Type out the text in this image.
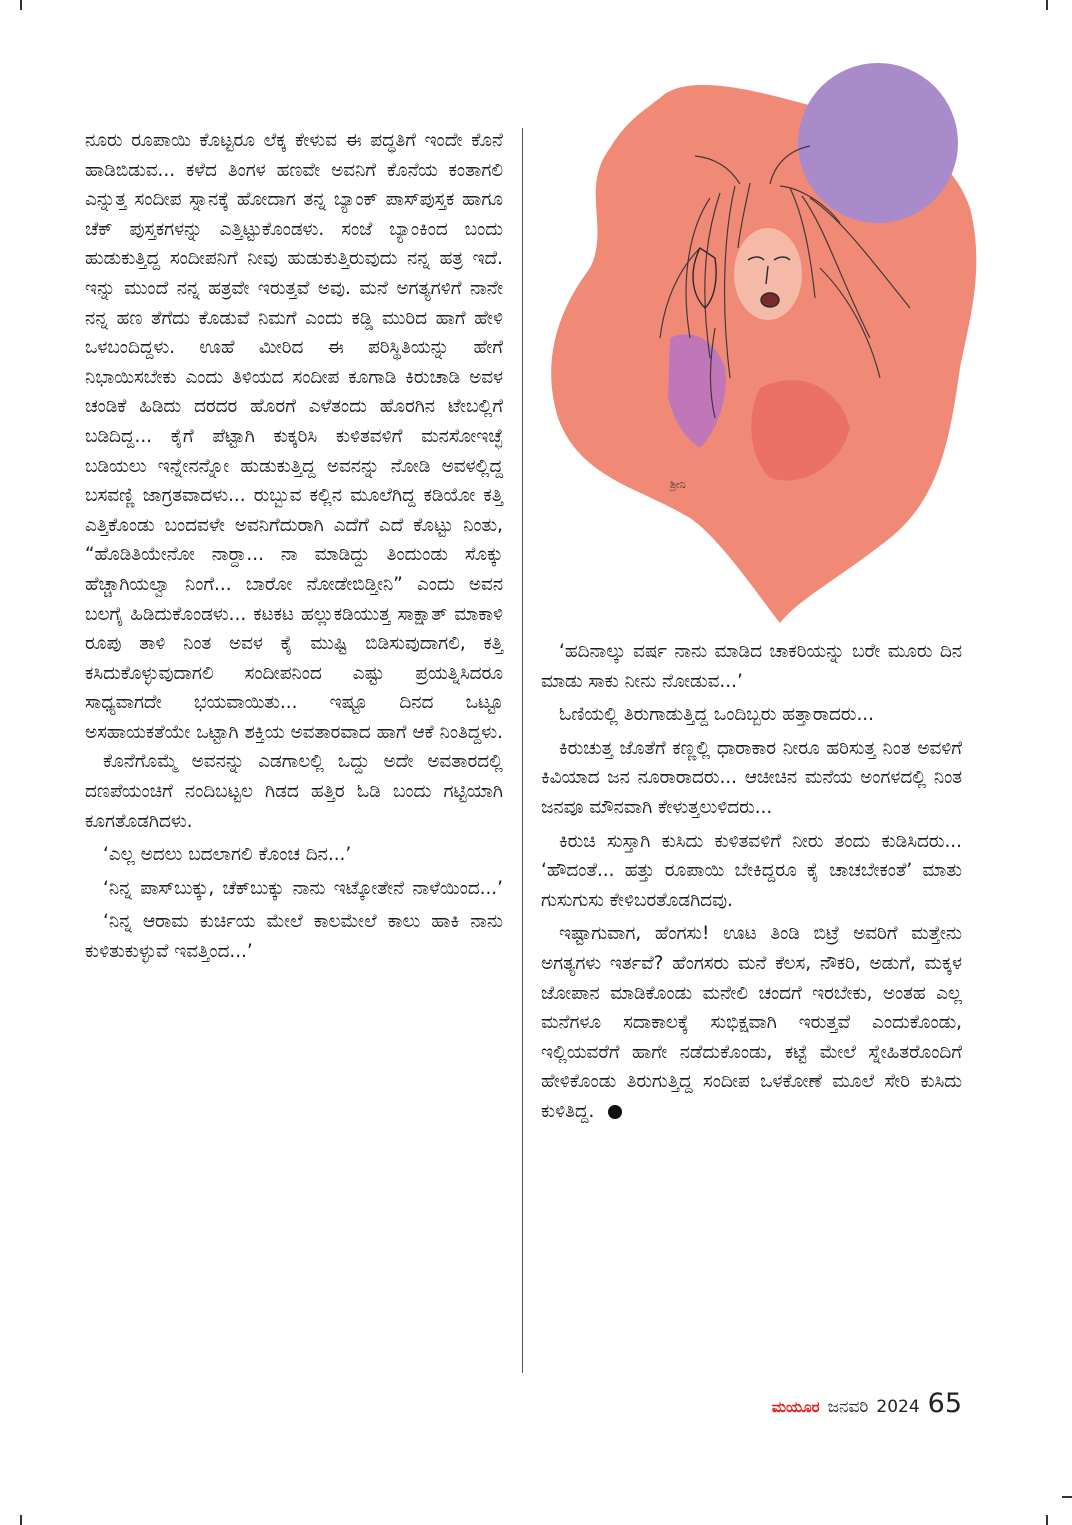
ಶ್ರೀನಿ

ನೂರು ರೂಪಾಯಿ ಕೊಟ್ಟರೂ ಲೆಕ್ಕ ಕೇಳುವ ಈ ಪದ್ಧತಿಗೆ ಇಂದೇ ಕೊನೆ ಹಾಡಿಬಿಡುವ... ಕಳೆದ ತಿಂಗಳ ಹಣವೇ ಅವನಿಗೆ ಕೊನೆಯ ಕಂತಾಗಲಿ ಎನ್ನುತ್ತ ಸಂದೀಪ ಸ್ನಾನಕ್ಕೆ ಹೋದಾಗ ತನ್ನ ಬ್ಯಾಂಕ್ ಪಾಸ್‌ಪುಸ್ತಕ ಹಾಗೂ ಚೆಕ್ ಪುಸ್ತಕಗಳನ್ನು ಎತ್ತಿಟ್ಟುಕೊಂಡಳು. ಸಂಜೆ ಬ್ಯಾಂಕಿಂದ ಬಂದು ಹುಡುಕುತ್ತಿದ್ದ ಸಂದೀಪನಿಗೆ ನೀವು ಹುಡುಕುತ್ತಿರುವುದು ನನ್ನ ಹತ್ರ ಇದೆ. ಇನ್ನು ಮುಂದೆ ನನ್ನ ಹತ್ರವೇ ಇರುತ್ತವೆ ಅವು. ಮನೆ ಅಗತ್ಯಗಳಿಗೆ ನಾನೇ ನನ್ನ ಹಣ ತೆಗೆದು ಕೊಡುವೆ ನಿಮಗೆ ಎಂದು ಕಡ್ಡಿ ಮುರಿದ ಹಾಗೆ ಹೇಳಿ ಒಳಬಂದಿದ್ದಳು. ಊಹೆ ಮೀರಿದ ಈ ಪರಿಸ್ಥಿತಿಯನ್ನು ಹೇಗೆ ನಿಭಾಯಿಸಬೇಕು ಎಂದು ತಿಳಿಯದ ಸಂದೀಪ ಕೂಗಾಡಿ ಕಿರುಚಾಡಿ ಅವಳ ಚಂಡಿಕೆ ಹಿಡಿದು ದರದರ ಹೊರಗೆ ಎಳೆತಂದು ಹೊರಗಿನ ಟೇಬಲ್ಲಿಗೆ ಬಡಿದಿದ್ದ... ಕೈಗೆ ಪೆಟ್ಟಾಗಿ ಕುಕ್ಕರಿಸಿ ಕುಳಿತವಳಿಗೆ ಮನಸೋಇಚ್ಛೆ ಬಡಿಯಲು ಇನ್ನೇನನ್ನೋ ಹುಡುಕುತ್ತಿದ್ದ ಅವನನ್ನು ನೋಡಿ ಅವಳಲ್ಲಿದ್ದ ಬಸವಣ್ಣಿ ಜಾಗ್ರತವಾದಳು... ರುಬ್ಬುವ ಕಲ್ಲಿನ ಮೂಲೆಗಿದ್ದ ಕಡಿಯೋ ಕತ್ತಿ ಎತ್ತಿಕೊಂಡು ಬಂದವಳೇ ಅವನಿಗೆದುರಾಗಿ ಎದೆಗೆ ಎದೆ ಕೊಟ್ಟು ನಿಂತು, “ಹೊಡಿತಿಯೇನೋ ನಾರ್‍ದಾ... ನಾ ಮಾಡಿದ್ದು ತಿಂದುಂಡು ಸೊಕ್ಕು ಹೆಚ್ಚಾಗಿಯಲ್ವಾ ನಿಂಗೆ... ಬಾರೋ ನೋಡೇಬಿಡ್ತೀನಿ” ಎಂದು ಅವನ ಬಲಗೈ ಹಿಡಿದುಕೊಂಡಳು... ಕಟಕಟ ಹಲ್ಲುಕಡಿಯುತ್ತ ಸಾಕ್ಷಾತ್ ಮಾಕಾಳಿ ರೂಪು ತಾಳಿ ನಿಂತ ಅವಳ ಕೈ ಮುಷ್ಟಿ ಬಿಡಿಸುವುದಾಗಲಿ, ಕತ್ತಿ ಕಸಿದುಕೊಳ್ಳುವುದಾಗಲಿ ಸಂದೀಪನಿಂದ ಎಷ್ಟು ಪ್ರಯತ್ನಿಸಿದರೂ ಸಾಧ್ಯವಾಗದೇ ಭಯವಾಯಿತು... ಇಷ್ಟೂ ದಿನದ ಒಟ್ಟೂ ಅಸಹಾಯಕತೆಯೇ ಒಟ್ಟಾಗಿ ಶಕ್ತಿಯ ಅವತಾರವಾದ ಹಾಗೆ ಆಕೆ ನಿಂತಿದ್ದಳು.

ಕೊನೆಗೊಮ್ಮೆ ಅವನನ್ನು ಎಡಗಾಲಲ್ಲಿ ಒದ್ದು ಅದೇ ಅವತಾರದಲ್ಲಿ ದಣಪೆಯಂಚಿಗೆ ನಂದಿಬಟ್ಟಲ ಗಿಡದ ಹತ್ತಿರ ಓಡಿ ಬಂದು ಗಟ್ಟಿಯಾಗಿ ಕೂಗತೊಡಗಿದಳು.

‘ಎಲ್ಲ ಅದಲು ಬದಲಾಗಲಿ ಕೊಂಚ ದಿನ...’

‘ನಿನ್ನ ಪಾಸ್‌ಬುಕ್ಕು, ಚೆಕ್‌ಬುಕ್ಕು ನಾನು ಇಟ್ಕೋತೇನೆ ನಾಳೆಯಿಂದ...’

‘ನಿನ್ನ ಆರಾಮ ಕುರ್ಚಿಯ ಮೇಲೆ ಕಾಲಮೇಲೆ ಕಾಲು ಹಾಕಿ ನಾನು ಕುಳಿತುಕುಳ್ಳುವೆ ಇವತ್ತಿಂದ...’

‘ಹದಿನಾಲ್ಕು ವರ್ಷ ನಾನು ಮಾಡಿದ ಚಾಕರಿಯನ್ನು ಬರೇ ಮೂರು ದಿನ ಮಾಡು ಸಾಕು ನೀನು ನೋಡುವ...’

ಓಣಿಯಲ್ಲಿ ತಿರುಗಾಡುತ್ತಿದ್ದ ಒಂದಿಬ್ಬರು ಹತ್ತಾರಾದರು...

ಕಿರುಚುತ್ತ ಜೊತೆಗೆ ಕಣ್ಣಲ್ಲಿ ಧಾರಾಕಾರ ನೀರೂ ಹರಿಸುತ್ತ ನಿಂತ ಅವಳಿಗೆ ಕಿವಿಯಾದ ಜನ ನೂರಾರಾದರು... ಆಚೀಚಿನ ಮನೆಯ ಅಂಗಳದಲ್ಲಿ ನಿಂತ ಜನವೂ ಮೌನವಾಗಿ ಕೇಳುತ್ತಲುಳಿದರು...

ಕಿರುಚಿ ಸುಸ್ತಾಗಿ ಕುಸಿದು ಕುಳಿತವಳಿಗೆ ನೀರು ತಂದು ಕುಡಿಸಿದರು... ‘ಹೌದಂತೆ... ಹತ್ತು ರೂಪಾಯಿ ಬೇಕಿದ್ದರೂ ಕೈ ಚಾಚಬೇಕಂತೆ’ ಮಾತು ಗುಸುಗುಸು ಕೇಳಿಬರತೊಡಗಿದವು.

ಇಷ್ಟಾಗುವಾಗ, ಹೆಂಗಸು! ಊಟ ತಿಂಡಿ ಬಿಟ್ರೆ ಅವರಿಗೆ ಮತ್ತೇನು ಅಗತ್ಯಗಳು ಇರ್ತವೆ? ಹೆಂಗಸರು ಮನೆ ಕೆಲಸ, ನೌಕರಿ, ಅಡುಗೆ, ಮಕ್ಕಳ ಜೋಪಾನ ಮಾಡಿಕೊಂಡು ಮನೇಲಿ ಚಂದಗೆ ಇರಬೇಕು, ಅಂತಹ ಎಲ್ಲ ಮನೆಗಳೂ ಸದಾಕಾಲಕ್ಕೆ ಸುಭಿಕ್ಷವಾಗಿ ಇರುತ್ತವೆ ಎಂದುಕೊಂಡು, ಇಲ್ಲಿಯವರೆಗೆ ಹಾಗೇ ನಡೆದುಕೊಂಡು, ಕಟ್ಟೆ ಮೇಲೆ ಸ್ನೇಹಿತರೊಂದಿಗೆ ಹೇಳಿಕೊಂಡು ತಿರುಗುತ್ತಿದ್ದ ಸಂದೀಪ ಒಳಕೋಣೆ ಮೂಲೆ ಸೇರಿ ಕುಸಿದು ಕುಳಿತಿದ್ದ.

ಮಯೂರ ಜನವರಿ 2024 65
